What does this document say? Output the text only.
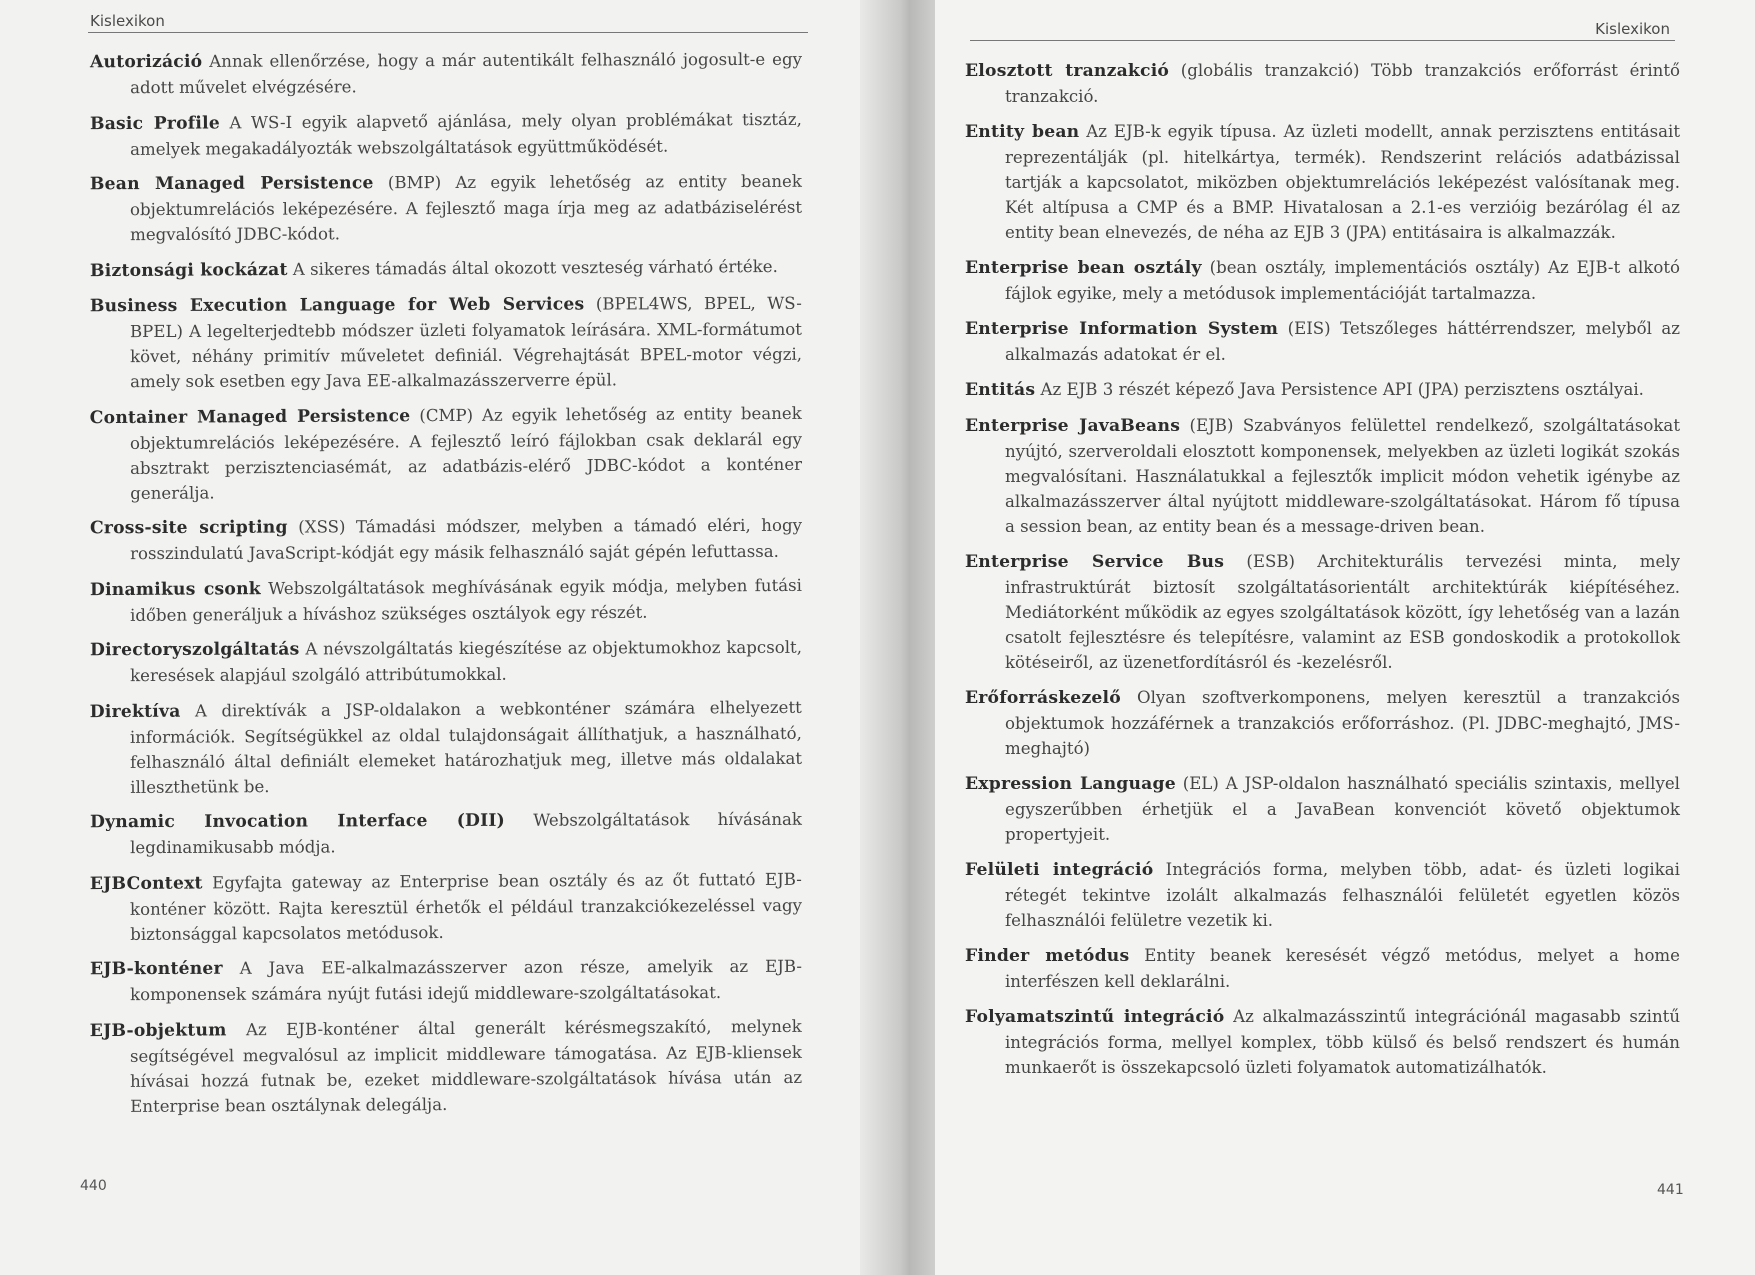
Kislexikon

Autorizáció Annak ellenőrzése, hogy a már autentikált felhasználó jogosult-e egy adott művelet elvégzésére.

Basic Profile A WS-I egyik alapvető ajánlása, mely olyan problémákat tisztáz, amelyek megakadályozták webszolgáltatások együttműködését.

Bean Managed Persistence (BMP) Az egyik lehetőség az entity beanek objektumrelációs leképezésére. A fejlesztő maga írja meg az adatbáziselérést megvalósító JDBC-kódot.

Biztonsági kockázat A sikeres támadás által okozott veszteség várható értéke.

Business Execution Language for Web Services (BPEL4WS, BPEL, WS-BPEL) A legelterjedtebb módszer üzleti folyamatok leírására. XML-formátumot követ, néhány primitív műveletet definiál. Végrehajtását BPEL-motor végzi, amely sok esetben egy Java EE-alkalmazásszerverre épül.

Container Managed Persistence (CMP) Az egyik lehetőség az entity beanek objektumrelációs leképezésére. A fejlesztő leíró fájlokban csak deklarál egy absztrakt perzisztenciasémát, az adatbázis-elérő JDBC-kódot a konténer generálja.

Cross-site scripting (XSS) Támadási módszer, melyben a támadó eléri, hogy rosszindulatú JavaScript-kódját egy másik felhasználó saját gépén lefuttassa.

Dinamikus csonk Webszolgáltatások meghívásának egyik módja, melyben futási időben generáljuk a híváshoz szükséges osztályok egy részét.

Directoryszolgáltatás A névszolgáltatás kiegészítése az objektumokhoz kapcsolt, keresések alapjául szolgáló attribútumokkal.

Direktíva A direktívák a JSP-oldalakon a webkonténer számára elhelyezett információk. Segítségükkel az oldal tulajdonságait állíthatjuk, a használható, felhasználó által definiált elemeket határozhatjuk meg, illetve más oldalakat illeszthetünk be.

Dynamic Invocation Interface (DII) Webszolgáltatások hívásának legdinamikusabb módja.

EJBContext Egyfajta gateway az Enterprise bean osztály és az őt futtató EJB-konténer között. Rajta keresztül érhetők el például tranzakciókezeléssel vagy biztonsággal kapcsolatos metódusok.

EJB-konténer A Java EE-alkalmazásszerver azon része, amelyik az EJB-komponensek számára nyújt futási idejű middleware-szolgáltatásokat.

EJB-objektum Az EJB-konténer által generált kérésmegszakító, melynek segítségével megvalósul az implicit middleware támogatása. Az EJB-kliensek hívásai hozzá futnak be, ezeket middleware-szolgáltatások hívása után az Enterprise bean osztálynak delegálja.

440
Kislexikon

Elosztott tranzakció (globális tranzakció) Több tranzakciós erőforrást érintő tranzakció.

Entity bean Az EJB-k egyik típusa. Az üzleti modellt, annak perzisztens entitásait reprezentálják (pl. hitelkártya, termék). Rendszerint relációs adatbázissal tartják a kapcsolatot, miközben objektumrelációs leképezést valósítanak meg. Két altípusa a CMP és a BMP. Hivatalosan a 2.1-es verzióig bezárólag él az entity bean elnevezés, de néha az EJB 3 (JPA) entitásaira is alkalmazzák.

Enterprise bean osztály (bean osztály, implementációs osztály) Az EJB-t alkotó fájlok egyike, mely a metódusok implementációját tartalmazza.

Enterprise Information System (EIS) Tetszőleges háttérrendszer, melyből az alkalmazás adatokat ér el.

Entitás Az EJB 3 részét képező Java Persistence API (JPA) perzisztens osztályai.

Enterprise JavaBeans (EJB) Szabványos felülettel rendelkező, szolgáltatásokat nyújtó, szerveroldali elosztott komponensek, melyekben az üzleti logikát szokás megvalósítani. Használatukkal a fejlesztők implicit módon vehetik igénybe az alkalmazásszerver által nyújtott middleware-szolgáltatásokat. Három fő típusa a session bean, az entity bean és a message-driven bean.

Enterprise Service Bus (ESB) Architekturális tervezési minta, mely infrastruktúrát biztosít szolgáltatásorientált architektúrák kiépítéséhez. Mediátorként működik az egyes szolgáltatások között, így lehetőség van a lazán csatolt fejlesztésre és telepítésre, valamint az ESB gondoskodik a protokollok kötéseiről, az üzenetfordításról és -kezelésről.

Erőforráskezelő Olyan szoftverkomponens, melyen keresztül a tranzakciós objektumok hozzáférnek a tranzakciós erőforráshoz. (Pl. JDBC-meghajtó, JMS-meghajtó)

Expression Language (EL) A JSP-oldalon használható speciális szintaxis, mellyel egyszerűbben érhetjük el a JavaBean konvenciót követő objektumok propertyjeit.

Felületi integráció Integrációs forma, melyben több, adat- és üzleti logikai rétegét tekintve izolált alkalmazás felhasználói felületét egyetlen közös felhasználói felületre vezetik ki.

Finder metódus Entity beanek keresését végző metódus, melyet a home interfészen kell deklarálni.

Folyamatszintű integráció Az alkalmazásszintű integrációnál magasabb szintű integrációs forma, mellyel komplex, több külső és belső rendszert és humán munkaerőt is összekapcsoló üzleti folyamatok automatizálhatók.

441
